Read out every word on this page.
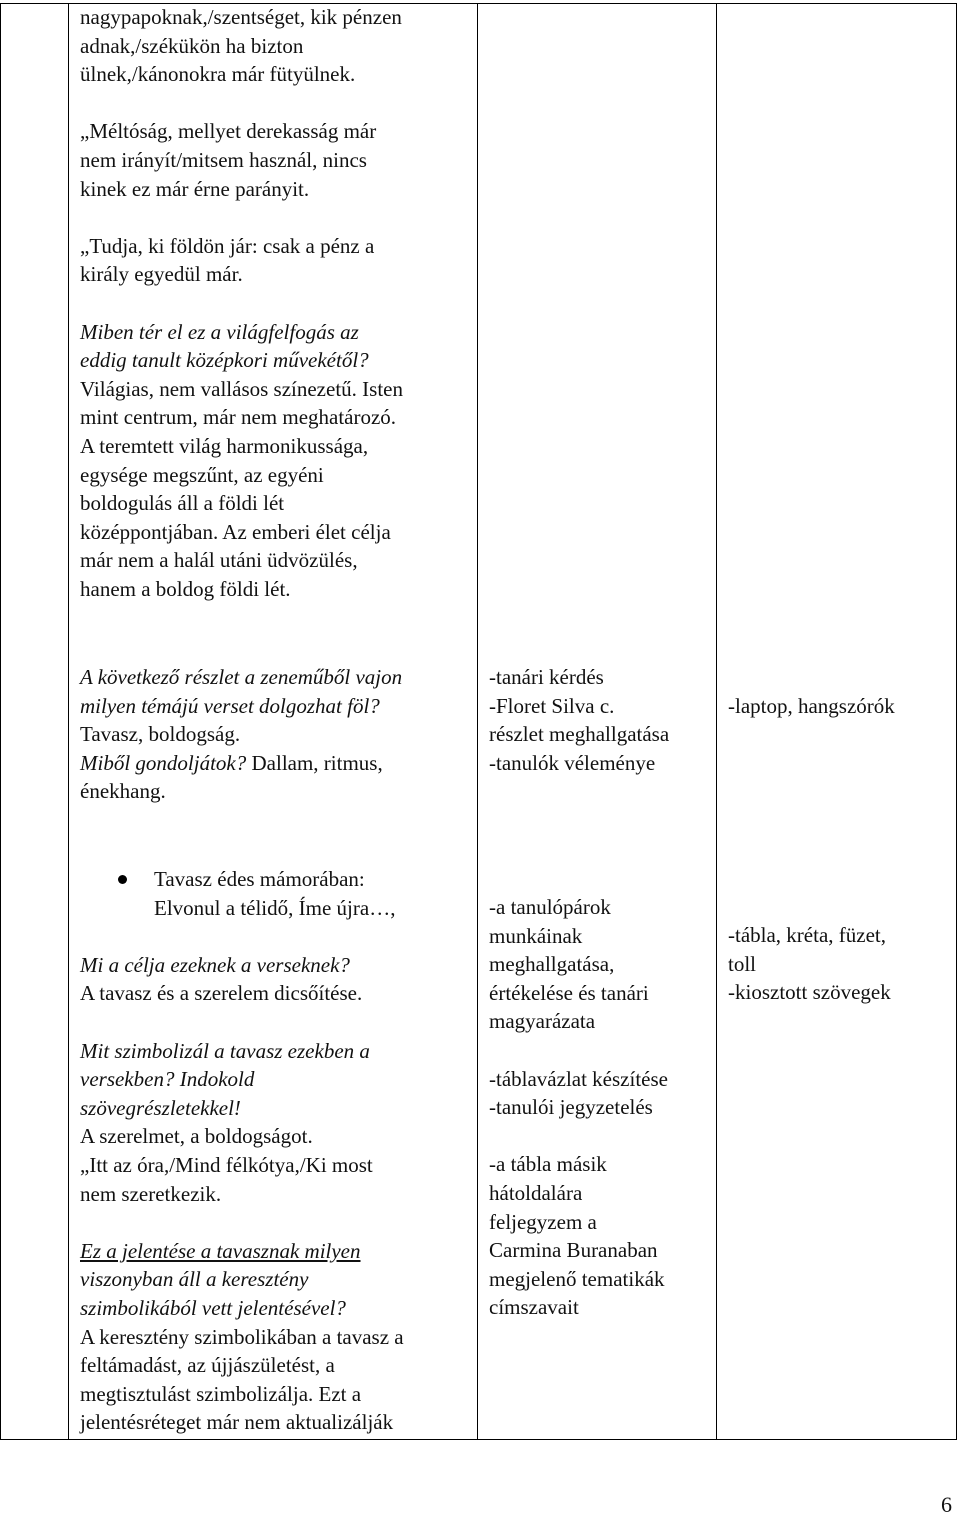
nagypapoknak,/szentséget, kik pénzen

adnak,/székükön ha bizton

ülnek,/kánonokra már fütyülnek.

„Méltóság, mellyet derekasság már

nem irányít/mitsem használ, nincs

kinek ez már érne parányit.

„Tudja, ki földön jár: csak a pénz a

király egyedül már.

Miben tér el ez a világfelfogás az

eddig tanult középkori művekétől?

Világias, nem vallásos színezetű. Isten

mint centrum, már nem meghatározó.

A teremtett világ harmonikussága,

egysége megszűnt, az egyéni

boldogulás áll a földi lét

középpontjában. Az emberi élet célja

már nem a halál utáni üdvözülés,

hanem a boldog földi lét.

A következő részlet a zeneműből vajon

milyen témájú verset dolgozhat föl?

Tavasz, boldogság.

Miből gondoljátok? Dallam, ritmus,

énekhang.

-tanári kérdés

-Floret Silva c.

részlet meghallgatása

-tanulók véleménye

-laptop, hangszórók

Tavasz édes mámorában:

Elvonul a télidő, Íme újra…,

Mi a célja ezeknek a verseknek?

A tavasz és a szerelem dicsőítése.

Mit szimbolizál a tavasz ezekben a

versekben? Indokold

szövegrészletekkel!

A szerelmet, a boldogságot.

„Itt az óra,/Mind félkótya,/Ki most

nem szeretkezik.

Ez a jelentése a tavasznak milyen

viszonyban áll a keresztény

szimbolikából vett jelentésével?

A keresztény szimbolikában a tavasz a

feltámadást, az újjászületést, a

megtisztulást szimbolizálja. Ezt a

jelentésréteget már nem aktualizálják

-a tanulópárok

munkáinak

meghallgatása,

értékelése és tanári

magyarázata

-táblavázlat készítése

-tanulói jegyzetelés

-a tábla másik

hátoldalára

feljegyzem a

Carmina Buranaban

megjelenő tematikák

címszavait

-tábla, kréta, füzet,

toll

-kiosztott szövegek

6
